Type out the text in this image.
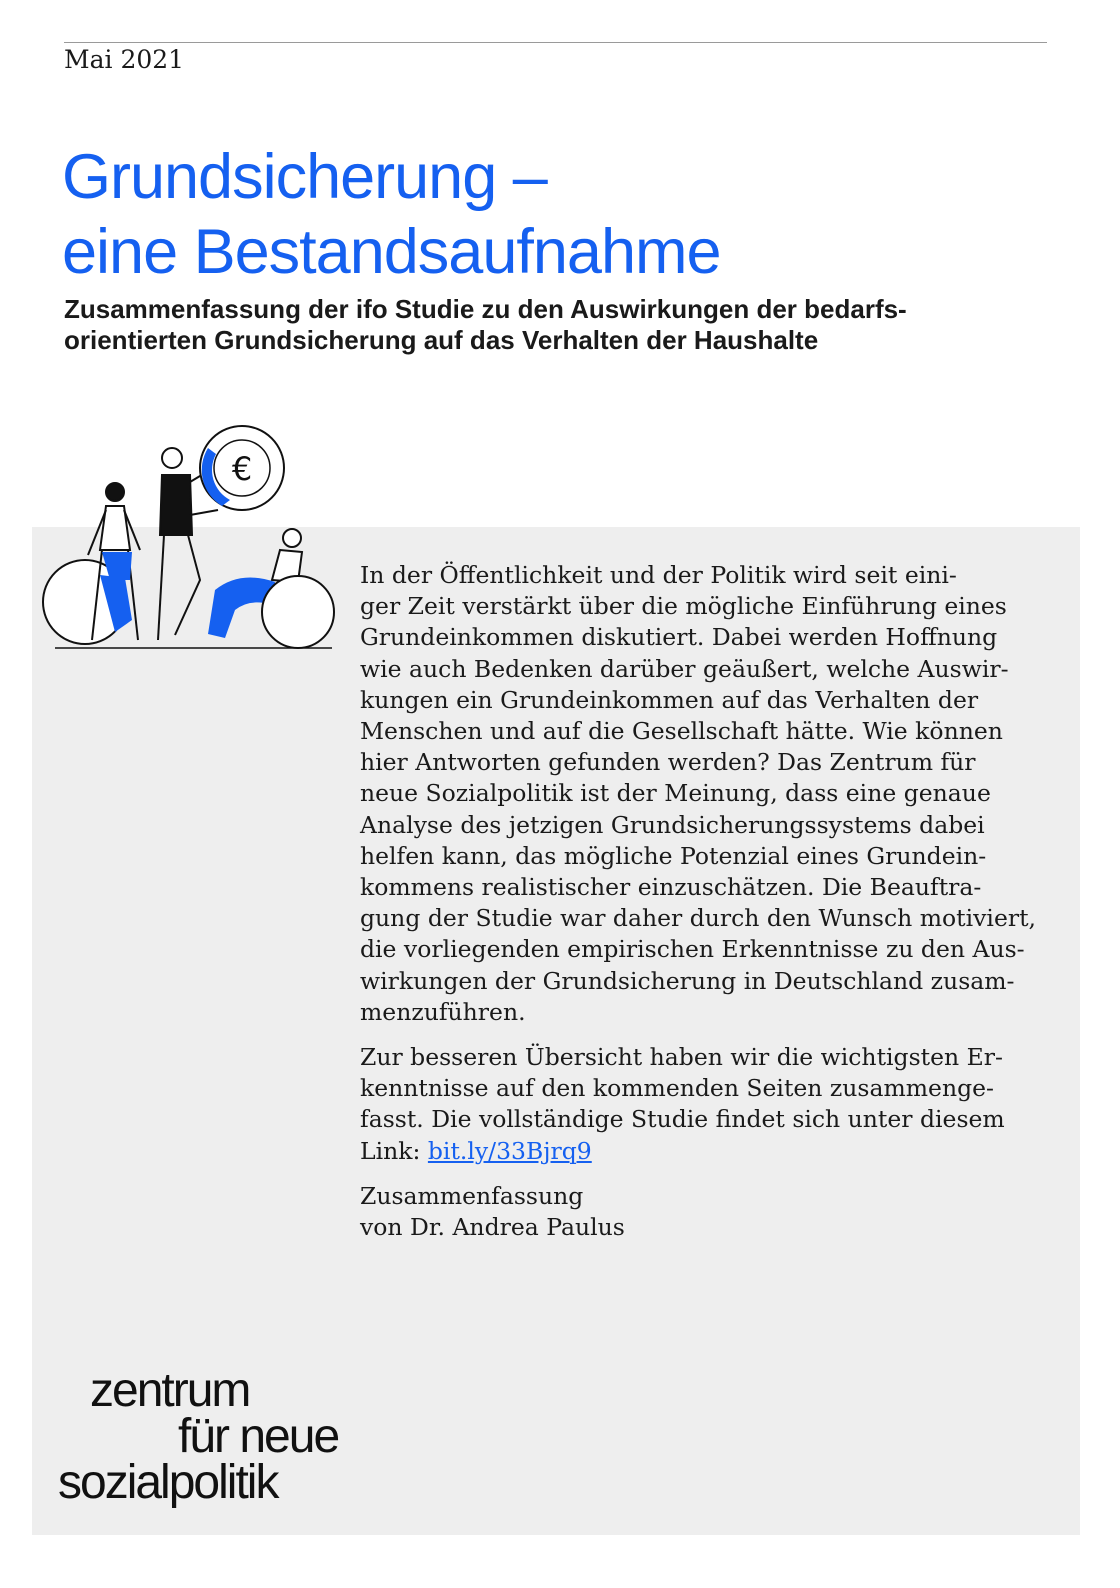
Mai 2021
Grundsicherung –
eine Bestandsaufnahme
Zusammenfassung der ifo Studie zu den Auswirkungen der bedarfs-
orientierten Grundsicherung auf das Verhalten der Haushalte
€

In der Öffentlichkeit und der Politik wird seit eini-
ger Zeit verstärkt über die mögliche Einführung eines
Grundeinkommen diskutiert. Dabei werden Hoffnung
wie auch Bedenken darüber geäußert, welche Auswir-
kungen ein Grundeinkommen auf das Verhalten der
Menschen und auf die Gesellschaft hätte. Wie können
hier Antworten gefunden werden? Das Zentrum für
neue Sozialpolitik ist der Meinung, dass eine genaue
Analyse des jetzigen Grundsicherungssystems dabei
helfen kann, das mögliche Potenzial eines Grundein-
kommens realistischer einzuschätzen. Die Beauftra-
gung der Studie war daher durch den Wunsch motiviert,
die vorliegenden empirischen Erkenntnisse zu den Aus-
wirkungen der Grundsicherung in Deutschland zusam-
menzuführen.

Zur besseren Übersicht haben wir die wichtigsten Er-
kenntnisse auf den kommenden Seiten zusammenge-
fasst. Die vollständige Studie findet sich unter diesem
Link: bit.ly/33Bjrq9

Zusammenfassung
von Dr. Andrea Paulus

zentrum
für neue
sozialpolitik
